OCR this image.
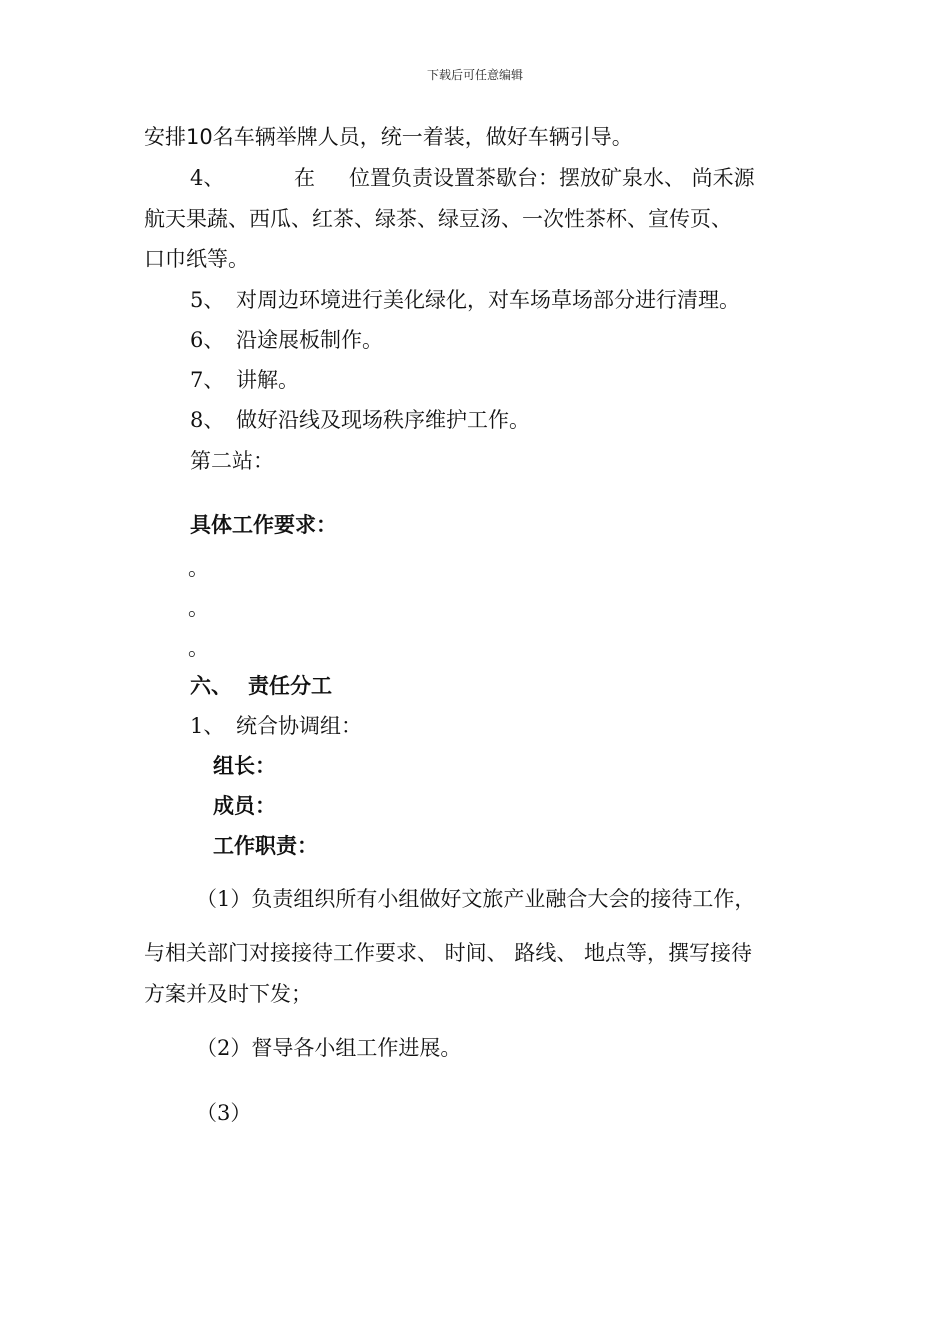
下载后可任意编辑
安排10名车辆举牌人员，统一着装，做好车辆引导。
4、	在 位置负责设置茶歇台：摆放矿泉水、 尚禾源
航天果蔬、西瓜、红茶、绿茶、绿豆汤、一次性茶杯、宣传页、
口巾纸等。
5、 对周边环境进行美化绿化，对车场草场部分进行清理。
6、 沿途展板制作。
7、 讲解。
8、 做好沿线及现场秩序维护工作。
第二站：
具体工作要求：
。
。
。
六、 责任分工
1、 统合协调组：
组长：
成员：
工作职责：
（1）负责组织所有小组做好文旅产业融合大会的接待工作，
与相关部门对接接待工作要求、 时间、 路线、 地点等，撰写接待
方案并及时下发；
（2）督导各小组工作进展。
（3）
